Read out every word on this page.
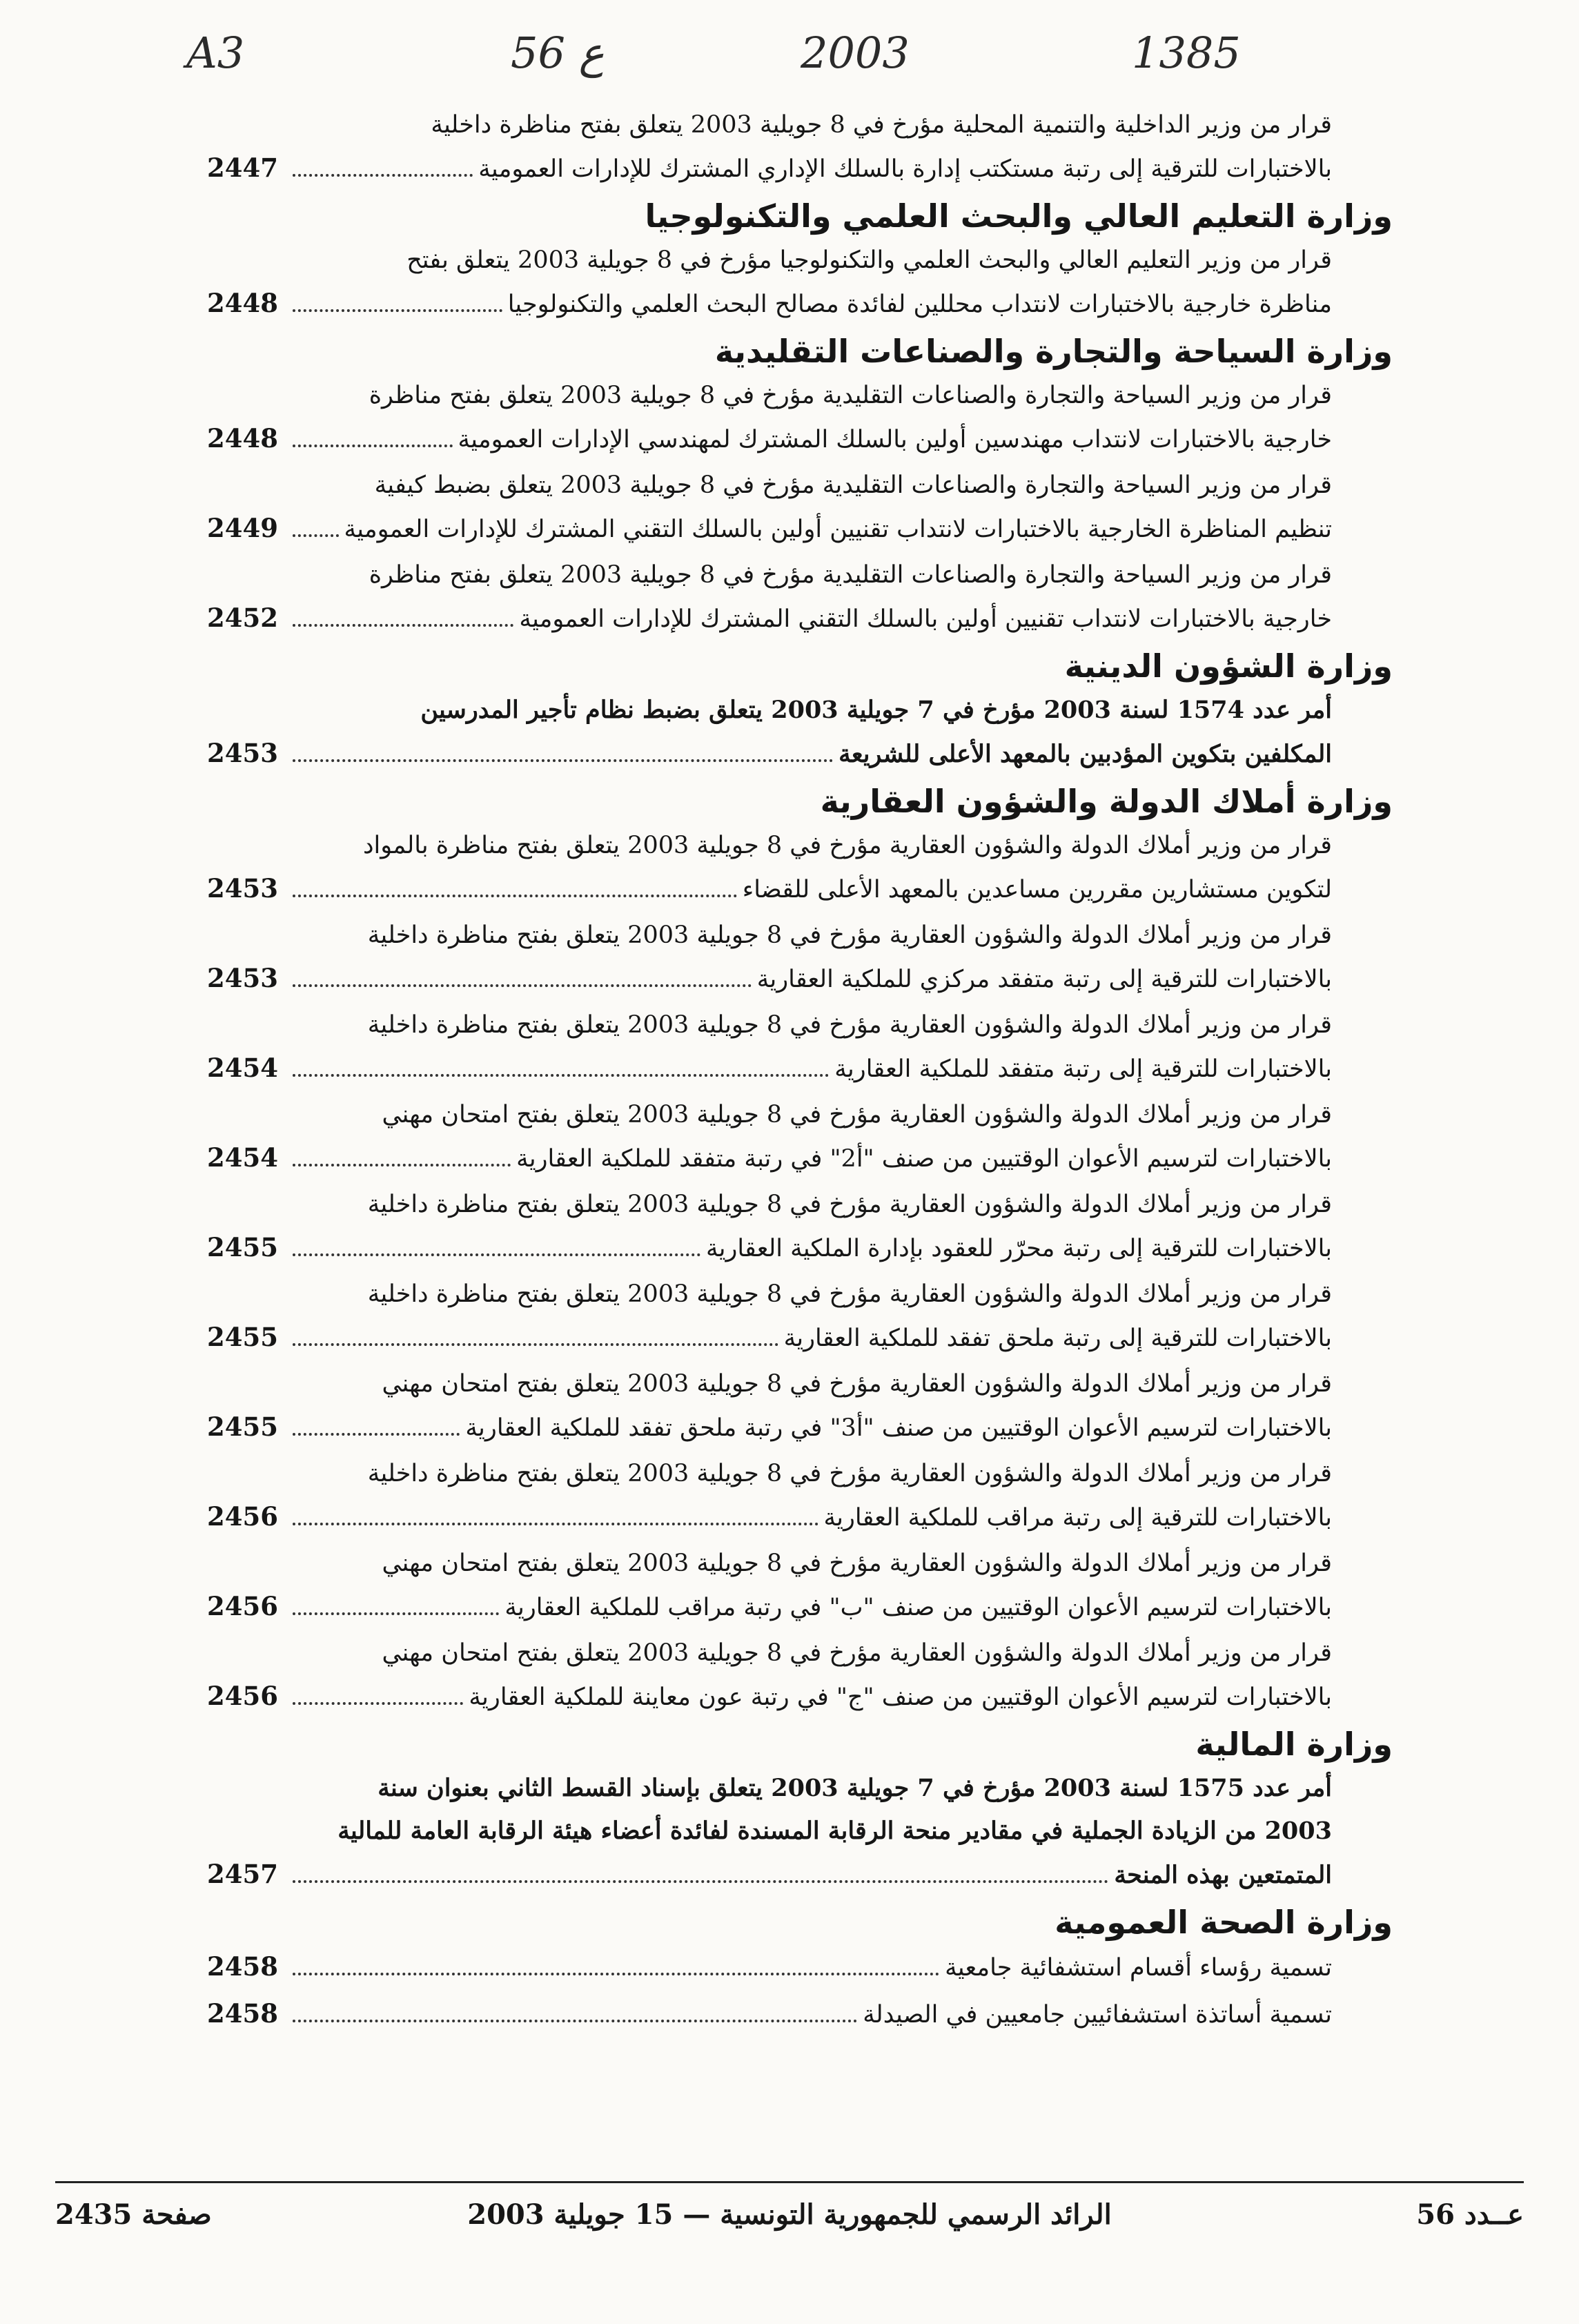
A3	56 ع	2003	1385
قرار من وزير الداخلية والتنمية المحلية مؤرخ في 8 جويلية 2003 يتعلق بفتح مناظرة داخلية
بالاختبارات للترقية إلى رتبة مستكتب إدارة بالسلك الإداري المشترك للإدارات العمومية
2447
وزارة التعليم العالي والبحث العلمي والتكنولوجيا
قرار من وزير التعليم العالي والبحث العلمي والتكنولوجيا مؤرخ في 8 جويلية 2003 يتعلق بفتح
مناظرة خارجية بالاختبارات لانتداب محللين لفائدة مصالح البحث العلمي والتكنولوجيا
2448
وزارة السياحة والتجارة والصناعات التقليدية
قرار من وزير السياحة والتجارة والصناعات التقليدية مؤرخ في 8 جويلية 2003 يتعلق بفتح مناظرة
خارجية بالاختبارات لانتداب مهندسين أولين بالسلك المشترك لمهندسي الإدارات العمومية
2448
قرار من وزير السياحة والتجارة والصناعات التقليدية مؤرخ في 8 جويلية 2003 يتعلق بضبط كيفية
تنظيم المناظرة الخارجية بالاختبارات لانتداب تقنيين أولين بالسلك التقني المشترك للإدارات العمومية
2449
قرار من وزير السياحة والتجارة والصناعات التقليدية مؤرخ في 8 جويلية 2003 يتعلق بفتح مناظرة
خارجية بالاختبارات لانتداب تقنيين أولين بالسلك التقني المشترك للإدارات العمومية
2452
وزارة الشؤون الدينية
أمر عدد 1574 لسنة 2003 مؤرخ في 7 جويلية 2003 يتعلق بضبط نظام تأجير المدرسين
المكلفين بتكوين المؤدبين بالمعهد الأعلى للشريعة
2453
وزارة أملاك الدولة والشؤون العقارية
قرار من وزير أملاك الدولة والشؤون العقارية مؤرخ في 8 جويلية 2003 يتعلق بفتح مناظرة بالمواد
لتكوين مستشارين مقررين مساعدين بالمعهد الأعلى للقضاء
2453
قرار من وزير أملاك الدولة والشؤون العقارية مؤرخ في 8 جويلية 2003 يتعلق بفتح مناظرة داخلية
بالاختبارات للترقية إلى رتبة متفقد مركزي للملكية العقارية
2453
قرار من وزير أملاك الدولة والشؤون العقارية مؤرخ في 8 جويلية 2003 يتعلق بفتح مناظرة داخلية
بالاختبارات للترقية إلى رتبة متفقد للملكية العقارية
2454
قرار من وزير أملاك الدولة والشؤون العقارية مؤرخ في 8 جويلية 2003 يتعلق بفتح امتحان مهني
بالاختبارات لترسيم الأعوان الوقتيين من صنف "أ2" في رتبة متفقد للملكية العقارية
2454
قرار من وزير أملاك الدولة والشؤون العقارية مؤرخ في 8 جويلية 2003 يتعلق بفتح مناظرة داخلية
بالاختبارات للترقية إلى رتبة محرّر للعقود بإدارة الملكية العقارية
2455
قرار من وزير أملاك الدولة والشؤون العقارية مؤرخ في 8 جويلية 2003 يتعلق بفتح مناظرة داخلية
بالاختبارات للترقية إلى رتبة ملحق تفقد للملكية العقارية
2455
قرار من وزير أملاك الدولة والشؤون العقارية مؤرخ في 8 جويلية 2003 يتعلق بفتح امتحان مهني
بالاختبارات لترسيم الأعوان الوقتيين من صنف "أ3" في رتبة ملحق تفقد للملكية العقارية
2455
قرار من وزير أملاك الدولة والشؤون العقارية مؤرخ في 8 جويلية 2003 يتعلق بفتح مناظرة داخلية
بالاختبارات للترقية إلى رتبة مراقب للملكية العقارية
2456
قرار من وزير أملاك الدولة والشؤون العقارية مؤرخ في 8 جويلية 2003 يتعلق بفتح امتحان مهني
بالاختبارات لترسيم الأعوان الوقتيين من صنف "ب" في رتبة مراقب للملكية العقارية
2456
قرار من وزير أملاك الدولة والشؤون العقارية مؤرخ في 8 جويلية 2003 يتعلق بفتح امتحان مهني
بالاختبارات لترسيم الأعوان الوقتيين من صنف "ج" في رتبة عون معاينة للملكية العقارية
2456
وزارة المالية
أمر عدد 1575 لسنة 2003 مؤرخ في 7 جويلية 2003 يتعلق بإسناد القسط الثاني بعنوان سنة
2003 من الزيادة الجملية في مقادير منحة الرقابة المسندة لفائدة أعضاء هيئة الرقابة العامة للمالية
المتمتعين بهذه المنحة
2457
وزارة الصحة العمومية
تسمية رؤساء أقسام استشفائية جامعية
2458
تسمية أساتذة استشفائيين جامعيين في الصيدلة
2458
عــدد 56
الرائد الرسمي للجمهورية التونسية — 15 جويلية 2003
صفحة 2435
